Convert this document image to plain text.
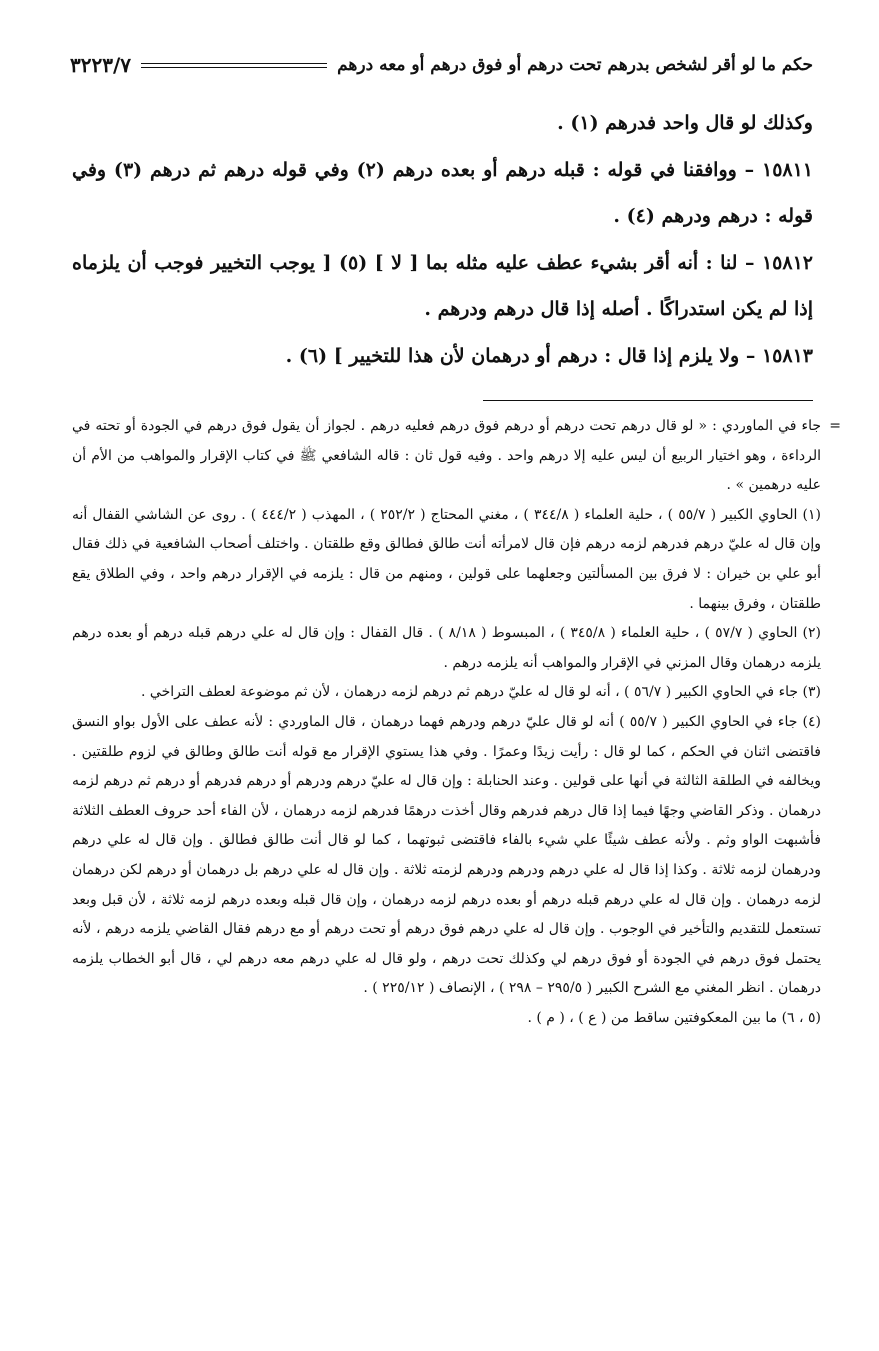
حكم ما لو أقر لشخص بدرهم تحت درهم أو فوق درهم أو معه درهم
٣٢٢٣/٧

وكذلك لو قال واحد فدرهم (١) .

١٥٨١١ – ووافقنا في قوله : قبله درهم أو بعده درهم (٢) وفي قوله درهم ثم درهم (٣) وفي قوله : درهم ودرهم (٤) .

١٥٨١٢ – لنا : أنه أقر بشيء عطف عليه مثله بما [ لا ] (٥) [ يوجب التخيير فوجب أن يلزماه إذا لم يكن استدراكًا . أصله إذا قال درهم ودرهم .

١٥٨١٣ – ولا يلزم إذا قال : درهم أو درهمان لأن هذا للتخيير ] (٦) .

=

جاء في الماوردي : « لو قال درهم تحت درهم أو درهم فوق درهم فعليه درهم . لجواز أن يقول فوق درهم في الجودة أو تحته في الرداءة ، وهو اختيار الربيع أن ليس عليه إلا درهم واحد . وفيه قول ثان : قاله الشافعي ﷺ في كتاب الإقرار والمواهب من الأم أن عليه درهمين » .

(١) الحاوي الكبير ( ٥٥/٧ ) ، حلية العلماء ( ٣٤٤/٨ ) ، مغني المحتاج ( ٢٥٢/٢ ) ، المهذب ( ٤٤٤/٢ ) . روى عن الشاشي القفال أنه وإن قال له عليّ درهم فدرهم لزمه درهم فإن قال لامرأته أنت طالق فطالق وقع طلقتان . واختلف أصحاب الشافعية في ذلك فقال أبو علي بن خيران : لا فرق بين المسألتين وجعلهما على قولين ، ومنهم من قال : يلزمه في الإقرار درهم واحد ، وفي الطلاق يقع طلقتان ، وفرق بينهما .

(٢) الحاوي ( ٥٧/٧ ) ، حلية العلماء ( ٣٤٥/٨ ) ، المبسوط ( ٨/١٨ ) . قال القفال : وإن قال له علي درهم قبله درهم أو بعده درهم يلزمه درهمان وقال المزني في الإقرار والمواهب أنه يلزمه درهم .

(٣) جاء في الحاوي الكبير ( ٥٦/٧ ) ، أنه لو قال له عليّ درهم ثم درهم لزمه درهمان ، لأن ثم موضوعة لعطف التراخي .

(٤) جاء في الحاوي الكبير ( ٥٥/٧ ) أنه لو قال عليّ درهم ودرهم فهما درهمان ، قال الماوردي : لأنه عطف على الأول بواو النسق فاقتضى اثنان في الحكم ، كما لو قال : رأيت زيدًا وعمرًا . وفي هذا يستوي الإقرار مع قوله أنت طالق وطالق في لزوم طلقتين . ويخالفه في الطلقة الثالثة في أنها على قولين . وعند الحنابلة : وإن قال له عليّ درهم ودرهم أو درهم فدرهم أو درهم ثم درهم لزمه درهمان . وذكر القاضي وجهًا فيما إذا قال درهم فدرهم وقال أخذت درهمًا فدرهم لزمه درهمان ، لأن الفاء أحد حروف العطف الثلاثة فأشبهت الواو وثم . ولأنه عطف شيئًا علي شيء بالفاء فاقتضى ثبوتهما ، كما لو قال أنت طالق فطالق . وإن قال له علي درهم ودرهمان لزمه ثلاثة . وكذا إذا قال له علي درهم ودرهم ودرهم لزمته ثلاثة . وإن قال له علي درهم بل درهمان أو درهم لكن درهمان لزمه درهمان . وإن قال له علي درهم قبله درهم أو بعده درهم لزمه درهمان ، وإن قال قبله وبعده درهم لزمه ثلاثة ، لأن قبل وبعد تستعمل للتقديم والتأخير في الوجوب . وإن قال له علي درهم فوق درهم أو تحت درهم أو مع درهم فقال القاضي يلزمه درهم ، لأنه يحتمل فوق درهم في الجودة أو فوق درهم لي وكذلك تحت درهم ، ولو قال له علي درهم معه درهم لي ، قال أبو الخطاب يلزمه درهمان . انظر المغني مع الشرح الكبير ( ٢٩٥/٥ – ٢٩٨ ) ، الإنصاف ( ٢٢٥/١٢ ) .

(٥ ، ٦) ما بين المعكوفتين ساقط من ( ع ) ، ( م ) .
